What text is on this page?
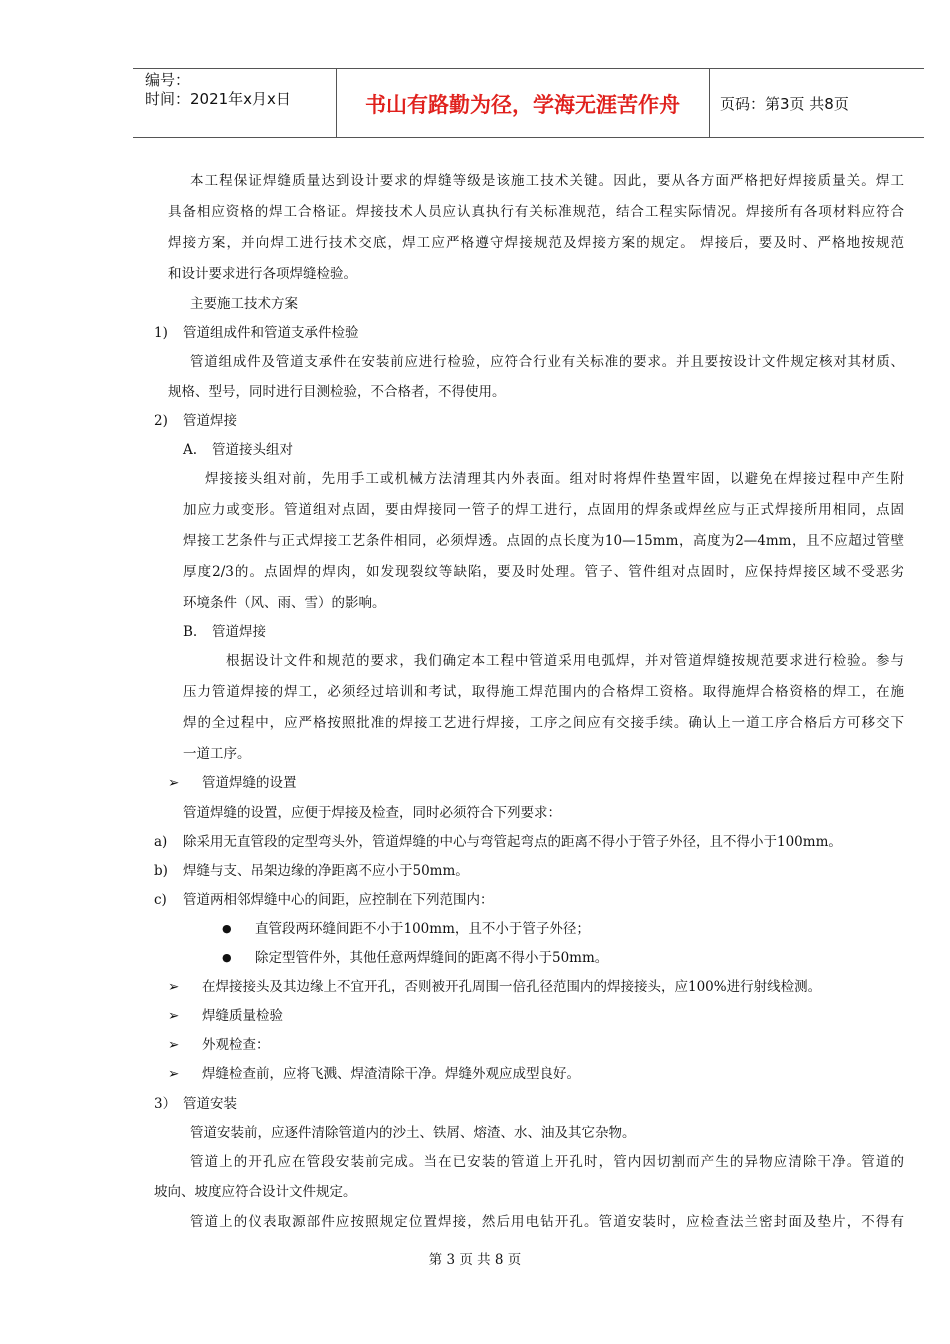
编号：
时间：2021年x月x日	书山有路勤为径，学海无涯苦作舟	页码：第3页 共8页
本工程保证焊缝质量达到设计要求的焊缝等级是该施工技术关键。因此，要从各方面严格把好焊接质量关。焊工
具备相应资格的焊工合格证。焊接技术人员应认真执行有关标准规范，结合工程实际情况。焊接所有各项材料应符合
焊接方案，并向焊工进行技术交底，焊工应严格遵守焊接规范及焊接方案的规定。 焊接后，要及时、严格地按规范
和设计要求进行各项焊缝检验。
主要施工技术方案
1) 管道组成件和管道支承件检验
管道组成件及管道支承件在安装前应进行检验，应符合行业有关标准的要求。并且要按设计文件规定核对其材质、
规格、型号，同时进行目测检验，不合格者，不得使用。
2) 管道焊接
A. 管道接头组对
焊接接头组对前，先用手工或机械方法清理其内外表面。组对时将焊件垫置牢固，以避免在焊接过程中产生附
加应力或变形。管道组对点固，要由焊接同一管子的焊工进行，点固用的焊条或焊丝应与正式焊接所用相同，点固
焊接工艺条件与正式焊接工艺条件相同，必须焊透。点固的点长度为10—15mm，高度为2—4mm，且不应超过管壁
厚度2/3的。点固焊的焊肉，如发现裂纹等缺陷，要及时处理。管子、管件组对点固时，应保持焊接区域不受恶劣
环境条件（风、雨、雪）的影响。
B. 管道焊接
根据设计文件和规范的要求，我们确定本工程中管道采用电弧焊，并对管道焊缝按规范要求进行检验。参与
压力管道焊接的焊工，必须经过培训和考试，取得施工焊范围内的合格焊工资格。取得施焊合格资格的焊工，在施
焊的全过程中，应严格按照批准的焊接工艺进行焊接，工序之间应有交接手续。确认上一道工序合格后方可移交下
一道工序。
➢ 管道焊缝的设置
管道焊缝的设置，应便于焊接及检查，同时必须符合下列要求：
a) 除采用无直管段的定型弯头外，管道焊缝的中心与弯管起弯点的距离不得小于管子外径，且不得小于100mm。
b) 焊缝与支、吊架边缘的净距离不应小于50mm。
c) 管道两相邻焊缝中心的间距，应控制在下列范围内：
● 直管段两环缝间距不小于100mm，且不小于管子外径；
● 除定型管件外，其他任意两焊缝间的距离不得小于50mm。
➢ 在焊接接头及其边缘上不宜开孔，否则被开孔周围一倍孔径范围内的焊接接头，应100%进行射线检测。
➢ 焊缝质量检验
➢ 外观检查：
➢ 焊缝检查前，应将飞溅、焊渣清除干净。焊缝外观应成型良好。
3） 管道安装
管道安装前，应逐件清除管道内的沙土、铁屑、熔渣、水、油及其它杂物。
管道上的开孔应在管段安装前完成。当在已安装的管道上开孔时，管内因切割而产生的异物应清除干净。管道的
坡向、坡度应符合设计文件规定。
管道上的仪表取源部件应按照规定位置焊接，然后用电钻开孔。管道安装时，应检查法兰密封面及垫片，不得有
第 3 页 共 8 页
